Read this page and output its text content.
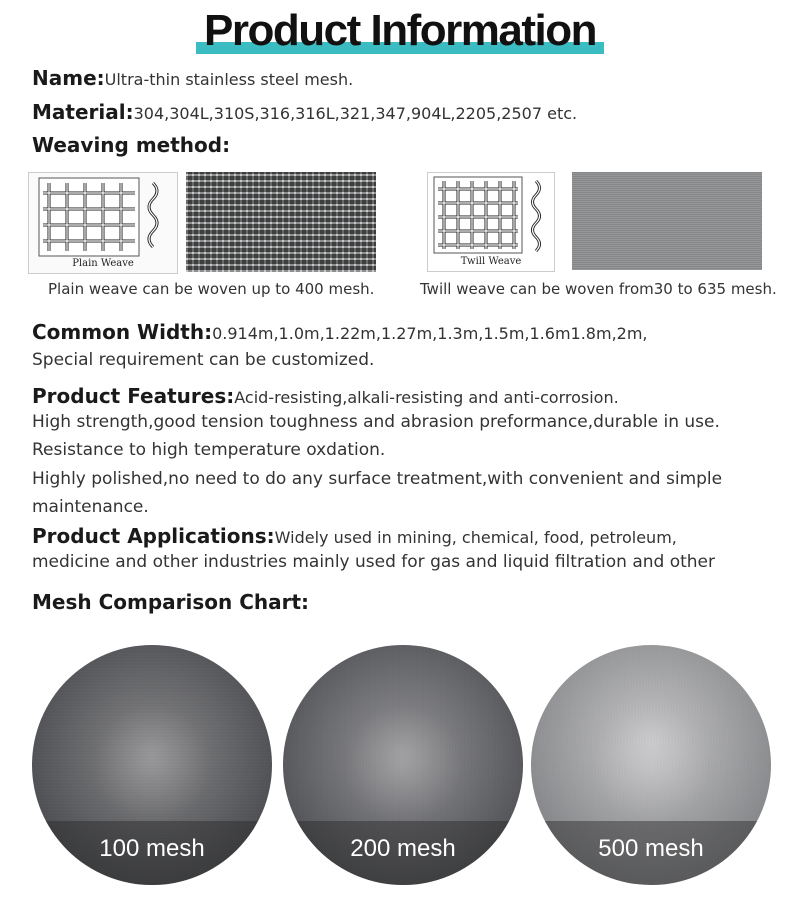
Product Information
Name:Ultra-thin stainless steel mesh.
Material:304,304L,310S,316,316L,321,347,904L,2205,2507 etc.
Weaving method:
Plain Weave
Plain weave can be woven up to 400 mesh.
Twill Weave
Twill weave can be woven from30 to 635 mesh.
Common Width:0.914m,1.0m,1.22m,1.27m,1.3m,1.5m,1.6m1.8m,2m,
Special requirement can be customized.
Product Features:Acid-resisting,alkali-resisting and anti-corrosion.
High strength,good tension toughness and abrasion preformance,durable in use.
Resistance to high temperature oxdation.
Highly polished,no need to do any surface treatment,with convenient and simple
maintenance.
Product Applications:Widely used in mining, chemical, food, petroleum,
medicine and other industries mainly used for gas and liquid filtration and other
Mesh Comparison Chart:
100 mesh	200 mesh	500 mesh
